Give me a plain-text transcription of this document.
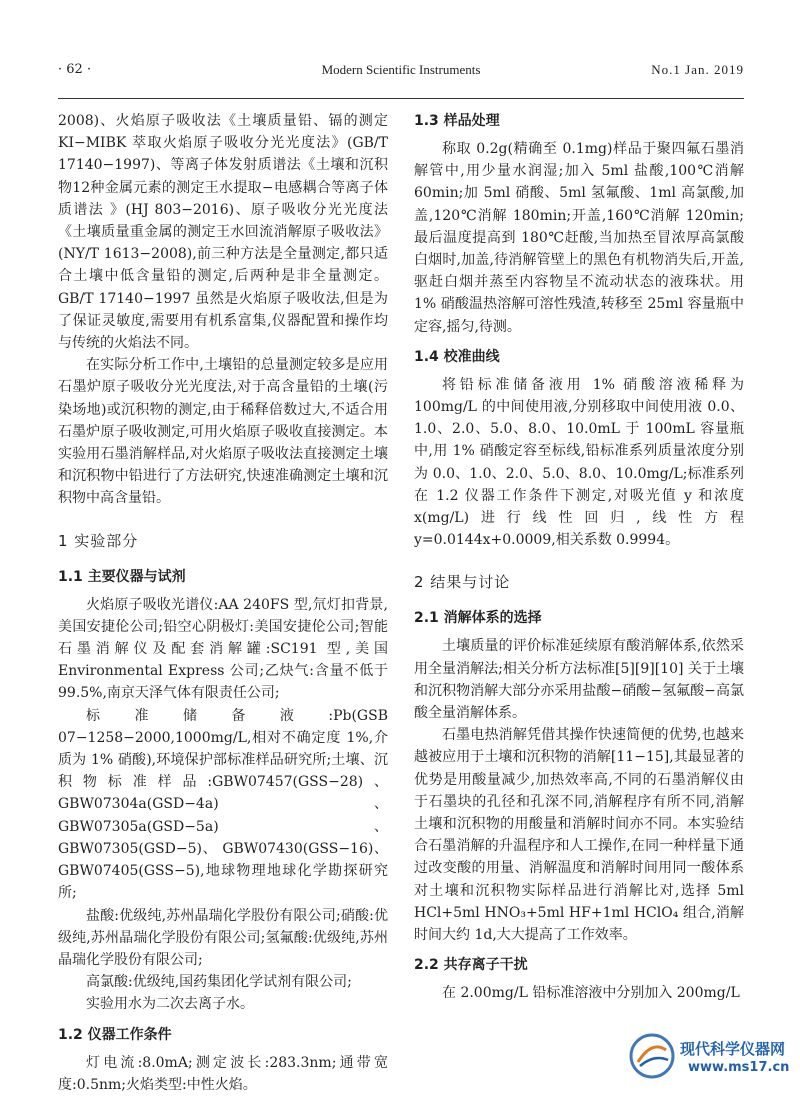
· 62 ·	Modern Scientific Instruments	No.1 Jan. 2019

2008)、火焰原子吸收法《土壤质量铅、镉的测定 KI−MIBK 萃取火焰原子吸收分光光度法》(GB/T 17140−1997)、等离子体发射质谱法《土壤和沉积物12种金属元素的测定王水提取−电感耦合等离子体质谱法 》(HJ 803−2016)、原子吸收分光光度法《土壤质量重金属的测定王水回流消解原子吸收法》(NY/T 1613−2008),前三种方法是全量测定,都只适合土壤中低含量铅的测定,后两种是非全量测定。GB/T 17140−1997 虽然是火焰原子吸收法,但是为了保证灵敏度,需要用有机系富集,仪器配置和操作均与传统的火焰法不同。

在实际分析工作中,土壤铅的总量测定较多是应用石墨炉原子吸收分光光度法,对于高含量铅的土壤(污染场地)或沉积物的测定,由于稀释倍数过大,不适合用石墨炉原子吸收测定,可用火焰原子吸收直接测定。本实验用石墨消解样品,对火焰原子吸收法直接测定土壤和沉积物中铅进行了方法研究,快速准确测定土壤和沉积物中高含量铅。

1 实验部分
1.1 主要仪器与试剂

火焰原子吸收光谱仪:AA 240FS 型,氘灯扣背景,美国安捷伦公司;铅空心阴极灯:美国安捷伦公司;智能石墨消解仪及配套消解罐:SC191 型,美国 Environmental Express 公司;乙炔气:含量不低于 99.5%,南京天泽气体有限责任公司;

标准储备液:Pb(GSB 07−1258−2000,1000mg/L,相对不确定度 1%,介质为 1% 硝酸),环境保护部标准样品研究所;土壤、沉积物标准样品:GBW07457(GSS−28)、GBW07304a(GSD−4a)、GBW07305a(GSD−5a)、GBW07305(GSD−5)、 GBW07430(GSS−16)、GBW07405(GSS−5),地球物理地球化学勘探研究所;

盐酸:优级纯,苏州晶瑞化学股份有限公司;硝酸:优级纯,苏州晶瑞化学股份有限公司;氢氟酸:优级纯,苏州晶瑞化学股份有限公司;

高氯酸:优级纯,国药集团化学试剂有限公司;

实验用水为二次去离子水。

1.2 仪器工作条件

灯电流:8.0mA;测定波长:283.3nm;通带宽度:0.5nm;火焰类型:中性火焰。

1.3 样品处理

称取 0.2g(精确至 0.1mg)样品于聚四氟石墨消解管中,用少量水润湿;加入 5ml 盐酸,100℃消解 60min;加 5ml 硝酸、5ml 氢氟酸、1ml 高氯酸,加盖,120℃消解 180min;开盖,160℃消解 120min;最后温度提高到 180℃赶酸,当加热至冒浓厚高氯酸白烟时,加盖,待消解管壁上的黑色有机物消失后,开盖,驱赶白烟并蒸至内容物呈不流动状态的液珠状。用 1% 硝酸温热溶解可溶性残渣,转移至 25ml 容量瓶中定容,摇匀,待测。

1.4 校准曲线

将铅标准储备液用 1% 硝酸溶液稀释为 100mg/L 的中间使用液,分别移取中间使用液 0.0、1.0、2.0、5.0、8.0、10.0mL 于 100mL 容量瓶中,用 1% 硝酸定容至标线,铅标准系列质量浓度分别为 0.0、1.0、2.0、5.0、8.0、10.0mg/L;标准系列在 1.2 仪器工作条件下测定,对吸光值 y 和浓度 x(mg/L)进行线性回归,线性方程 y=0.0144x+0.0009,相关系数 0.9994。

2 结果与讨论
2.1 消解体系的选择

土壤质量的评价标准延续原有酸消解体系,依然采用全量消解法;相关分析方法标准[5][9][10] 关于土壤和沉积物消解大部分亦采用盐酸−硝酸−氢氟酸−高氯酸全量消解体系。

石墨电热消解凭借其操作快速简便的优势,也越来越被应用于土壤和沉积物的消解[11−15],其最显著的优势是用酸量减少,加热效率高,不同的石墨消解仪由于石墨块的孔径和孔深不同,消解程序有所不同,消解土壤和沉积物的用酸量和消解时间亦不同。本实验结合石墨消解的升温程序和人工操作,在同一种样量下通过改变酸的用量、消解温度和消解时间用同一酸体系对土壤和沉积物实际样品进行消解比对,选择 5ml HCl+5ml HNO₃+5ml HF+1ml HClO₄ 组合,消解时间大约 1d,大大提高了工作效率。

2.2 共存离子干扰

在 2.00mg/L 铅标准溶液中分别加入 200mg/L

现代科学仪器网
www.ms17.cn
